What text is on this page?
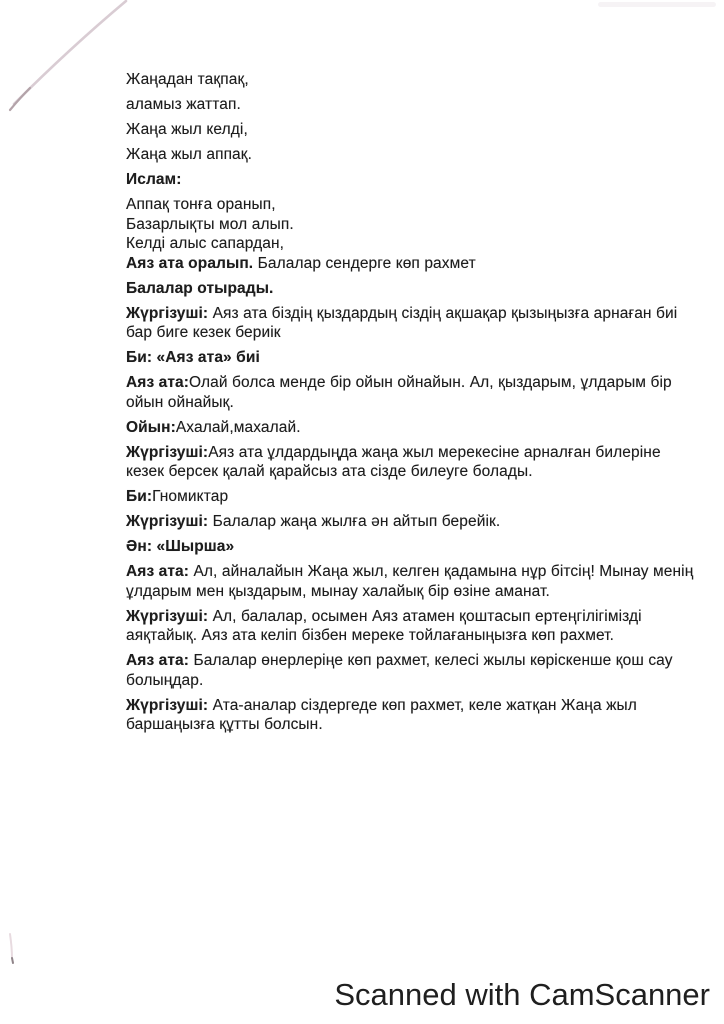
Жаңадан тақпақ,

аламыз жаттап.

Жаңа жыл келді,

Жаңа жыл аппақ.

Ислам:

Аппақ тонға оранып,
Базарлықты мол алып.
Келді алыс сапардан,
Аяз ата оралып. Балалар сендерге көп рахмет

Балалар отырады.

Жүргізуші: Аяз ата біздің қыздардың сіздің ақшақар қызыңызға арнаған биі бар биге кезек бериік

Би: «Аяз ата» биі

Аяз ата:Олай болса менде бір ойын ойнайын. Ал, қыздарым, ұлдарым бір ойын ойнайық.

Ойын:Ахалай,махалай.

Жүргізуші:Аяз ата ұлдардыңда жаңа жыл мерекесіне арналған билеріне кезек берсек қалай қарайсыз ата сізде билеуге болады.

Би:Гномиктар

Жүргізуші: Балалар жаңа жылға ән айтып берейік.

Ән: «Шырша»

Аяз ата: Ал, айналайын Жаңа жыл, келген қадамына нұр бітсің! Мынау менің ұлдарым мен қыздарым, мынау халайық бір өзіне аманат.

Жүргізуші: Ал, балалар, осымен Аяз атамен қоштасып ертеңгілігімізді аяқтайық. Аяз ата келіп бізбен мереке тойлағаныңызға көп рахмет.

Аяз ата: Балалар өнерлеріңе көп рахмет, келесі жылы көріскенше қош сау болыңдар.

Жүргізуші: Ата-аналар сіздергеде көп рахмет, келе жатқан Жаңа жыл баршаңызға құтты болсын.

Scanned with CamScanner
